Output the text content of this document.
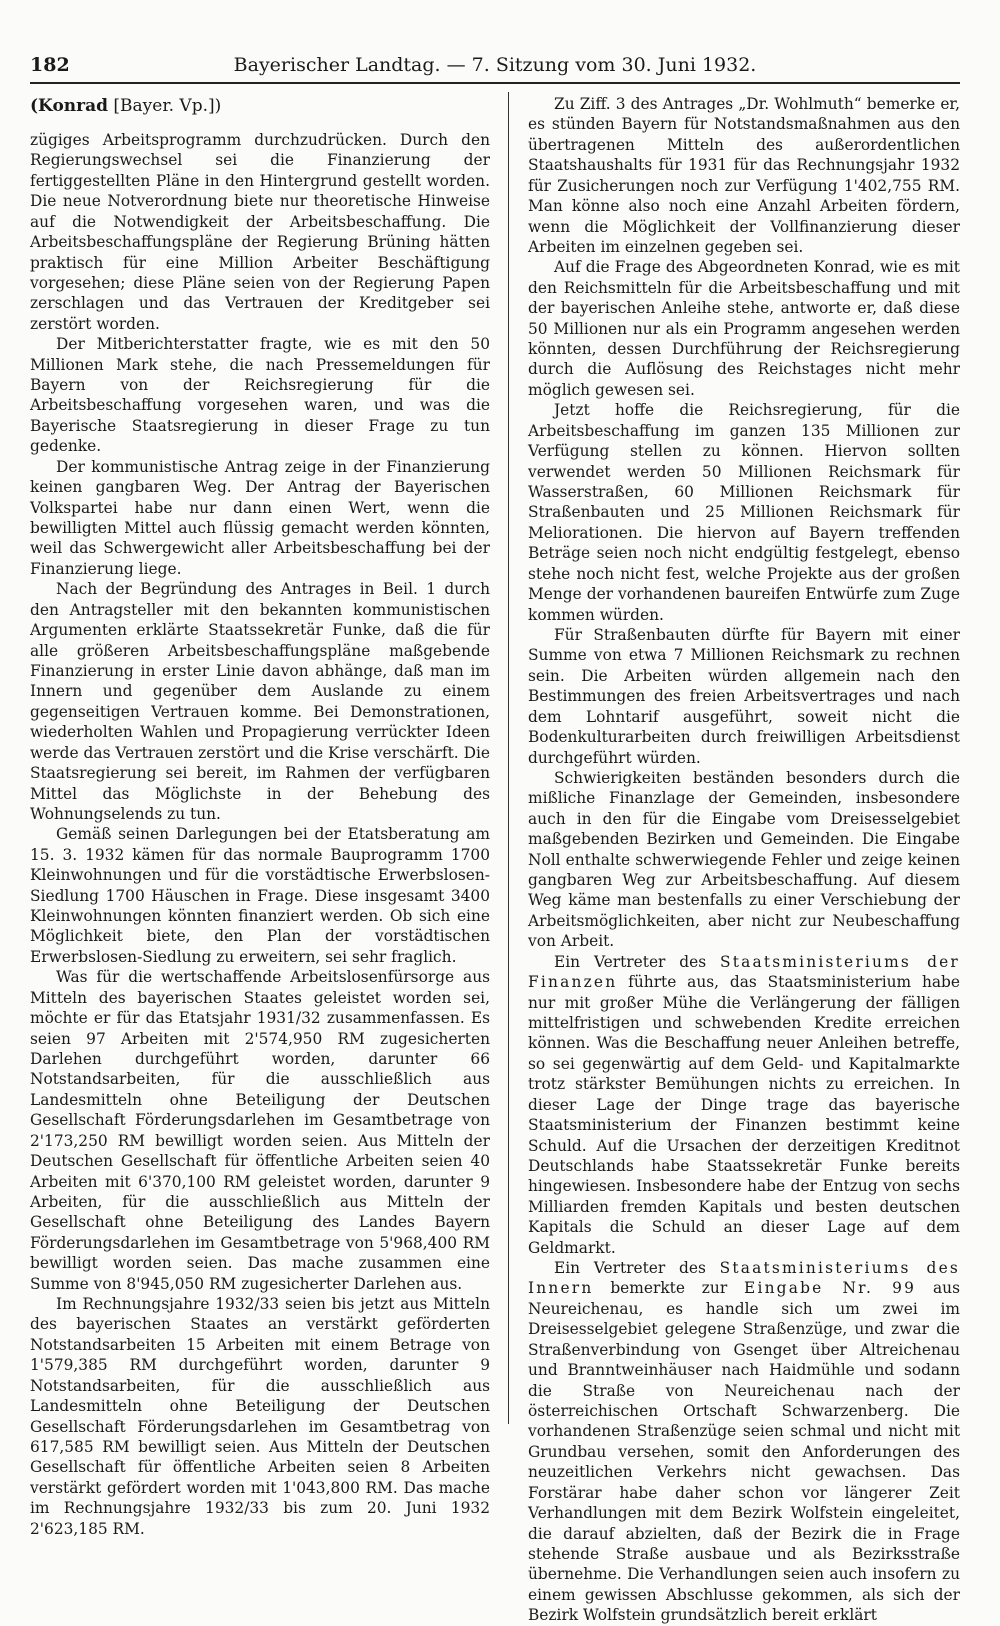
182	Bayerischer Landtag. — 7. Sitzung vom 30. Juni 1932.
(Konrad [Bayer. Vp.])

zügiges Arbeitsprogramm durchzudrücken. Durch den Regierungswechsel sei die Finanzierung der fertiggestellten Pläne in den Hintergrund gestellt worden. Die neue Notverordnung biete nur theoretische Hinweise auf die Notwendigkeit der Arbeitsbeschaffung. Die Arbeitsbeschaffungspläne der Regierung Brüning hätten praktisch für eine Million Arbeiter Beschäftigung vorgesehen; diese Pläne seien von der Regierung Papen zerschlagen und das Vertrauen der Kreditgeber sei zerstört worden.

Der Mitberichterstatter fragte, wie es mit den 50 Millionen Mark stehe, die nach Pressemeldungen für Bayern von der Reichsregierung für die Arbeitsbeschaffung vorgesehen waren, und was die Bayerische Staatsregierung in dieser Frage zu tun gedenke.

Der kommunistische Antrag zeige in der Finanzierung keinen gangbaren Weg. Der Antrag der Bayerischen Volkspartei habe nur dann einen Wert, wenn die bewilligten Mittel auch flüssig gemacht werden könnten, weil das Schwergewicht aller Arbeitsbeschaffung bei der Finanzierung liege.

Nach der Begründung des Antrages in Beil. 1 durch den Antragsteller mit den bekannten kommunistischen Argumenten erklärte Staatssekretär Funke, daß die für alle größeren Arbeitsbeschaffungspläne maßgebende Finanzierung in erster Linie davon abhänge, daß man im Innern und gegenüber dem Auslande zu einem gegenseitigen Vertrauen komme. Bei Demonstrationen, wiederholten Wahlen und Propagierung verrückter Ideen werde das Vertrauen zerstört und die Krise verschärft. Die Staatsregierung sei bereit, im Rahmen der verfügbaren Mittel das Möglichste in der Behebung des Wohnungselends zu tun.

Gemäß seinen Darlegungen bei der Etatsberatung am 15. 3. 1932 kämen für das normale Bauprogramm 1700 Kleinwohnungen und für die vorstädtische Erwerbslosen-Siedlung 1700 Häuschen in Frage. Diese insgesamt 3400 Kleinwohnungen könnten finanziert werden. Ob sich eine Möglichkeit biete, den Plan der vorstädtischen Erwerbslosen-Siedlung zu erweitern, sei sehr fraglich.

Was für die wertschaffende Arbeitslosenfürsorge aus Mitteln des bayerischen Staates geleistet worden sei, möchte er für das Etatsjahr 1931/32 zusammenfassen. Es seien 97 Arbeiten mit 2'574,950 RM zugesicherten Darlehen durchgeführt worden, darunter 66 Notstandsarbeiten, für die ausschließlich aus Landesmitteln ohne Beteiligung der Deutschen Gesellschaft Förderungsdarlehen im Gesamtbetrage von 2'173,250 RM bewilligt worden seien. Aus Mitteln der Deutschen Gesellschaft für öffentliche Arbeiten seien 40 Arbeiten mit 6'370,100 RM geleistet worden, darunter 9 Arbeiten, für die ausschließlich aus Mitteln der Gesellschaft ohne Beteiligung des Landes Bayern Förderungsdarlehen im Gesamtbetrage von 5'968,400 RM bewilligt worden seien. Das mache zusammen eine Summe von 8'945,050 RM zugesicherter Darlehen aus.

Im Rechnungsjahre 1932/33 seien bis jetzt aus Mitteln des bayerischen Staates an verstärkt geförderten Notstandsarbeiten 15 Arbeiten mit einem Betrage von 1'579,385 RM durchgeführt worden, darunter 9 Notstandsarbeiten, für die ausschließlich aus Landesmitteln ohne Beteiligung der Deutschen Gesellschaft Förderungsdarlehen im Gesamtbetrag von 617,585 RM bewilligt seien. Aus Mitteln der Deutschen Gesellschaft für öffentliche Arbeiten seien 8 Arbeiten verstärkt gefördert worden mit 1'043,800 RM. Das mache im Rechnungsjahre 1932/33 bis zum 20. Juni 1932 2'623,185 RM.

Zu Ziff. 3 des Antrages „Dr. Wohlmuth“ bemerke er, es stünden Bayern für Notstandsmaßnahmen aus den übertragenen Mitteln des außerordentlichen Staatshaushalts für 1931 für das Rechnungsjahr 1932 für Zusicherungen noch zur Verfügung 1'402,755 RM. Man könne also noch eine Anzahl Arbeiten fördern, wenn die Möglichkeit der Vollfinanzierung dieser Arbeiten im einzelnen gegeben sei.

Auf die Frage des Abgeordneten Konrad, wie es mit den Reichsmitteln für die Arbeitsbeschaffung und mit der bayerischen Anleihe stehe, antworte er, daß diese 50 Millionen nur als ein Programm angesehen werden könnten, dessen Durchführung der Reichsregierung durch die Auflösung des Reichstages nicht mehr möglich gewesen sei.

Jetzt hoffe die Reichsregierung, für die Arbeitsbeschaffung im ganzen 135 Millionen zur Verfügung stellen zu können. Hiervon sollten verwendet werden 50 Millionen Reichsmark für Wasserstraßen, 60 Millionen Reichsmark für Straßenbauten und 25 Millionen Reichsmark für Meliorationen. Die hiervon auf Bayern treffenden Beträge seien noch nicht endgültig festgelegt, ebenso stehe noch nicht fest, welche Projekte aus der großen Menge der vorhandenen baureifen Entwürfe zum Zuge kommen würden.

Für Straßenbauten dürfte für Bayern mit einer Summe von etwa 7 Millionen Reichsmark zu rechnen sein. Die Arbeiten würden allgemein nach den Bestimmungen des freien Arbeitsvertrages und nach dem Lohntarif ausgeführt, soweit nicht die Bodenkulturarbeiten durch freiwilligen Arbeitsdienst durchgeführt würden.

Schwierigkeiten beständen besonders durch die mißliche Finanzlage der Gemeinden, insbesondere auch in den für die Eingabe vom Dreisesselgebiet maßgebenden Bezirken und Gemeinden. Die Eingabe Noll enthalte schwerwiegende Fehler und zeige keinen gangbaren Weg zur Arbeitsbeschaffung. Auf diesem Weg käme man bestenfalls zu einer Verschiebung der Arbeitsmöglichkeiten, aber nicht zur Neubeschaffung von Arbeit.

Ein Vertreter des Staatsministeriums der Finanzen führte aus, das Staatsministerium habe nur mit großer Mühe die Verlängerung der fälligen mittelfristigen und schwebenden Kredite erreichen können. Was die Beschaffung neuer Anleihen betreffe, so sei gegenwärtig auf dem Geld- und Kapitalmarkte trotz stärkster Bemühungen nichts zu erreichen. In dieser Lage der Dinge trage das bayerische Staatsministerium der Finanzen bestimmt keine Schuld. Auf die Ursachen der derzeitigen Kreditnot Deutschlands habe Staatssekretär Funke bereits hingewiesen. Insbesondere habe der Entzug von sechs Milliarden fremden Kapitals und besten deutschen Kapitals die Schuld an dieser Lage auf dem Geldmarkt.

Ein Vertreter des Staatsministeriums des Innern bemerkte zur Eingabe Nr. 99 aus Neureichenau, es handle sich um zwei im Dreisesselgebiet gelegene Straßenzüge, und zwar die Straßenverbindung von Gsenget über Altreichenau und Branntweinhäuser nach Haidmühle und sodann die Straße von Neureichenau nach der österreichischen Ortschaft Schwarzenberg. Die vorhandenen Straßenzüge seien schmal und nicht mit Grundbau versehen, somit den Anforderungen des neuzeitlichen Verkehrs nicht gewachsen. Das Forstärar habe daher schon vor längerer Zeit Verhandlungen mit dem Bezirk Wolfstein eingeleitet, die darauf abzielten, daß der Bezirk die in Frage stehende Straße ausbaue und als Bezirksstraße übernehme. Die Verhandlungen seien auch insofern zu einem gewissen Abschlusse gekommen, als sich der Bezirk Wolfstein grundsätzlich bereit erklärt
